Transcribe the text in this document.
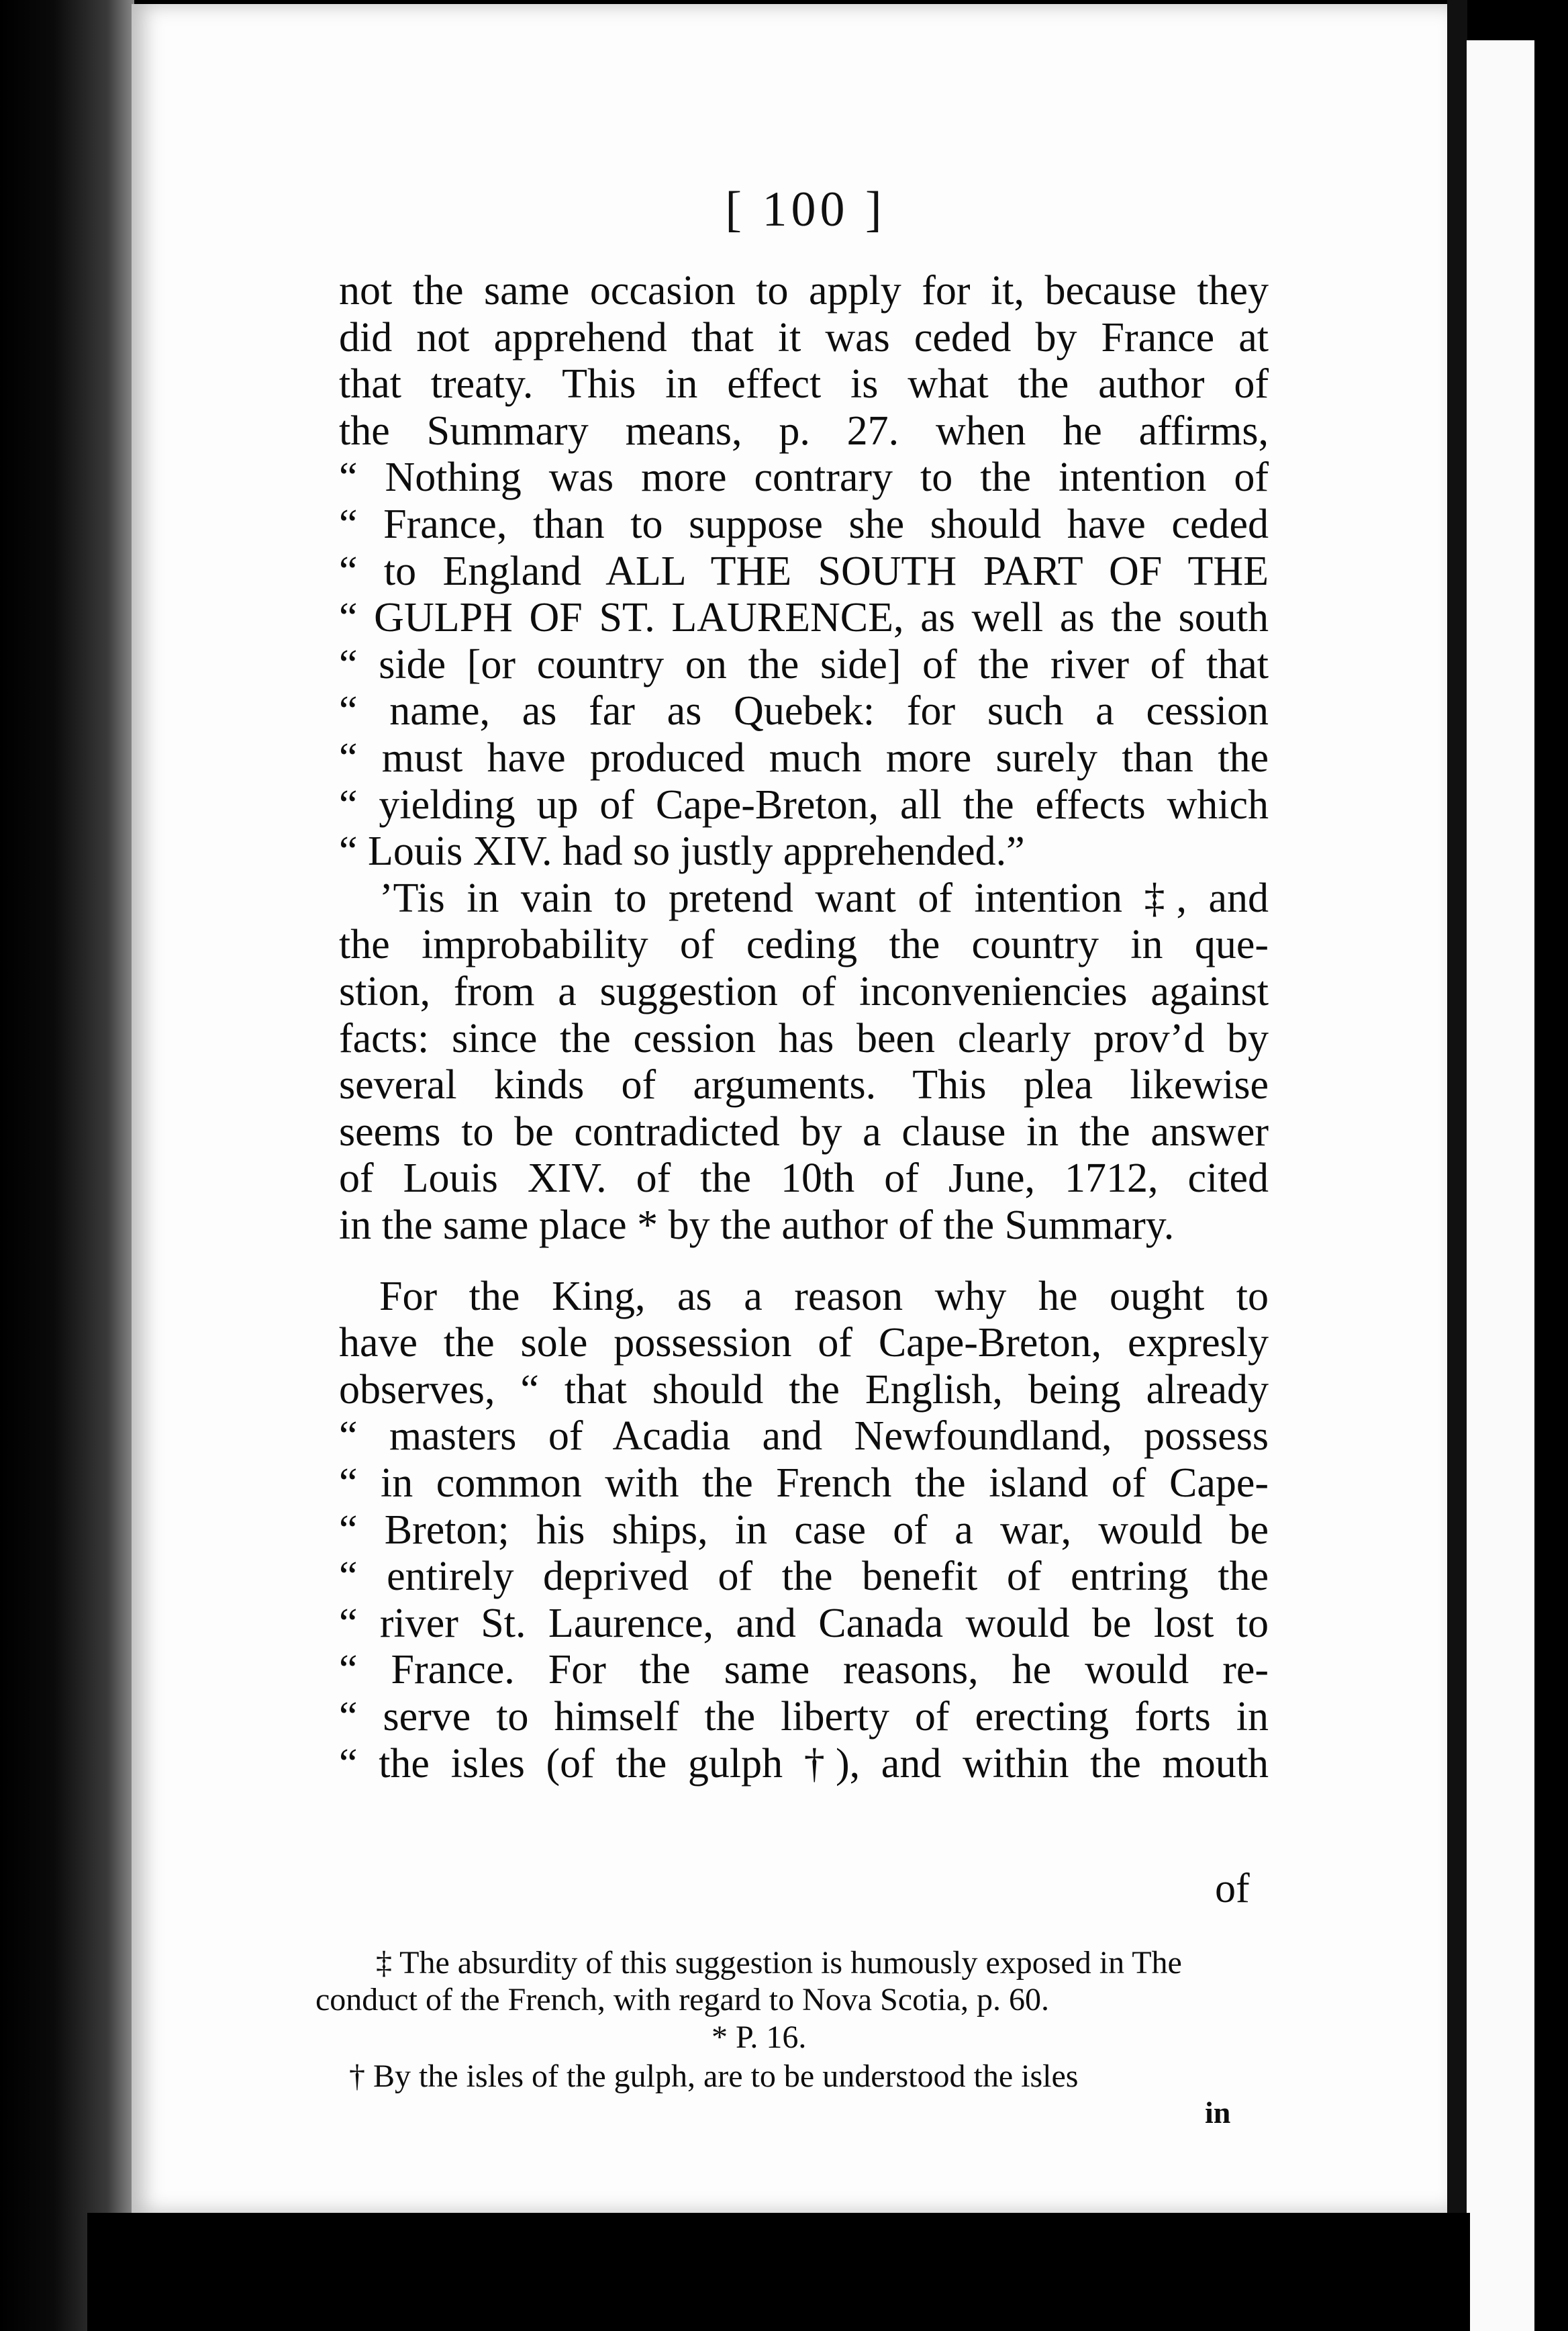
[ 100 ]
not the same occasion to apply for it, because they
did not apprehend that it was ceded by France at
that treaty. This in effect is what the author of
the Summary means, p. 27. when he affirms,
“ Nothing was more contrary to the intention of
“ France, than to suppose she should have ceded
“ to England ALL THE SOUTH PART OF THE
“ GULPH OF ST. LAURENCE, as well as the south
“ side [or country on the side] of the river of that
“ name, as far as Quebek: for such a cession
“ must have produced much more surely than the
“ yielding up of Cape-Breton, all the effects which
“ Louis XIV. had so justly apprehended.”
’Tis in vain to pretend want of intention ‡, and
the improbability of ceding the country in que-
stion, from a suggestion of inconveniencies against
facts: since the cession has been clearly prov’d by
several kinds of arguments. This plea likewise
seems to be contradicted by a clause in the answer
of Louis XIV. of the 10th of June, 1712, cited
in the same place * by the author of the Summary.
For the King, as a reason why he ought to
have the sole possession of Cape-Breton, expresly
observes, “ that should the English, being already
“ masters of Acadia and Newfoundland, possess
“ in common with the French the island of Cape-
“ Breton; his ships, in case of a war, would be
“ entirely deprived of the benefit of entring the
“ river St. Laurence, and Canada would be lost to
“ France. For the same reasons, he would re-
“ serve to himself the liberty of erecting forts in
“ the isles (of the gulph †), and within the mouth
of
‡ The absurdity of this suggestion is humously exposed in The
conduct of the French, with regard to Nova Scotia, p. 60.
* P. 16.
† By the isles of the gulph, are to be understood the isles
in
